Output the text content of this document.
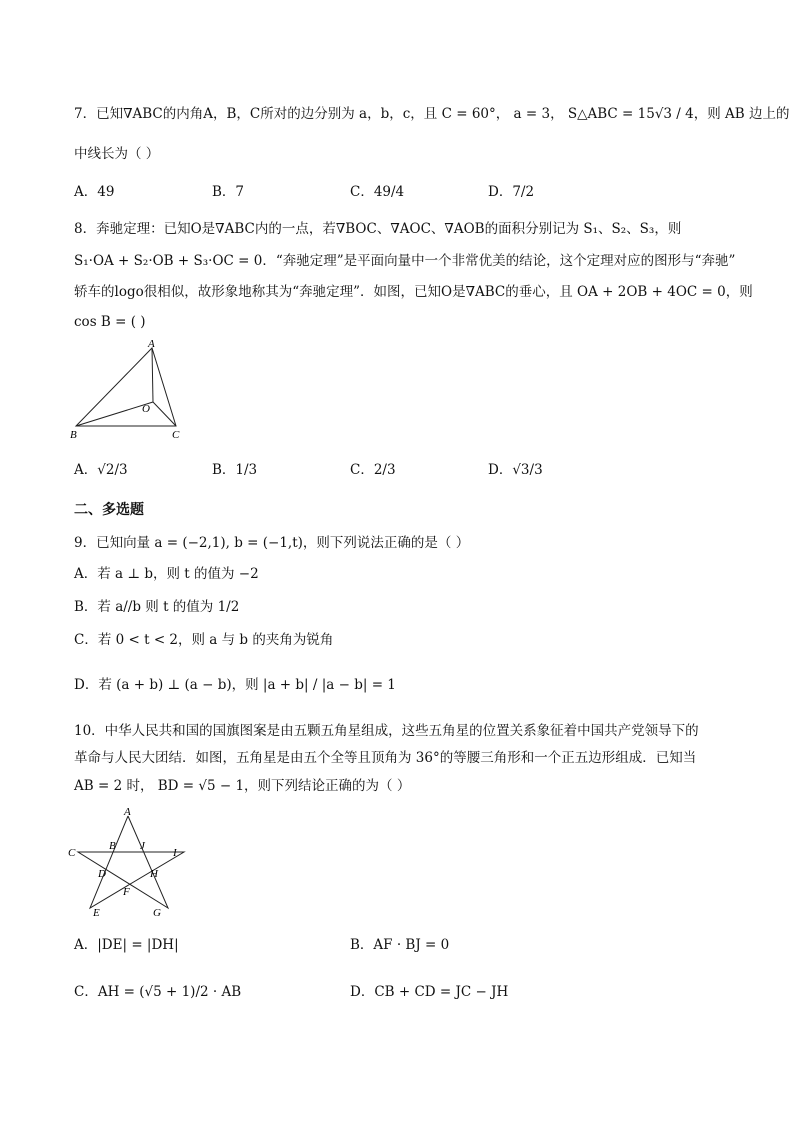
7．已知∇ABC的内角A，B，C所对的边分别为 a，b，c，且 C = 60°， a = 3， S△ABC = 15√3 / 4，则 AB 边上的
中线长为（ ）
A．49	B．7	C．49/4	D．7/2
8．奔驰定理：已知O是∇ABC内的一点，若∇BOC、∇AOC、∇AOB的面积分别记为 S₁、S₂、S₃，则
S₁·OA + S₂·OB + S₃·OC = 0．“奔驰定理”是平面向量中一个非常优美的结论，这个定理对应的图形与“奔驰”
轿车的logo很相似，故形象地称其为“奔驰定理”．如图，已知O是∇ABC的垂心，且 OA + 2OB + 4OC = 0，则
cos B = ( )
A
B	C
O
A．√2/3	B．1/3	C．2/3	D．√3/3
二、多选题
9．已知向量 a = (−2,1), b = (−1,t)，则下列说法正确的是（ ）
A．若 a ⊥ b，则 t 的值为 −2
B．若 a//b 则 t 的值为 1/2
C．若 0 < t < 2，则 a 与 b 的夹角为锐角
D．若 (a + b) ⊥ (a − b)，则 |a + b| / |a − b| = 1
10．中华人民共和国的国旗图案是由五颗五角星组成，这些五角星的位置关系象征着中国共产党领导下的
革命与人民大团结．如图，五角星是由五个全等且顶角为 36°的等腰三角形和一个正五边形组成．已知当
AB = 2 时， BD = √5 − 1，则下列结论正确的为（ ）
A
B J
C	I
D	H
F
E	G
A．|DE| = |DH|	B．AF · BJ = 0
C．AH = (√5 + 1)/2 · AB	D．CB + CD = JC − JH
